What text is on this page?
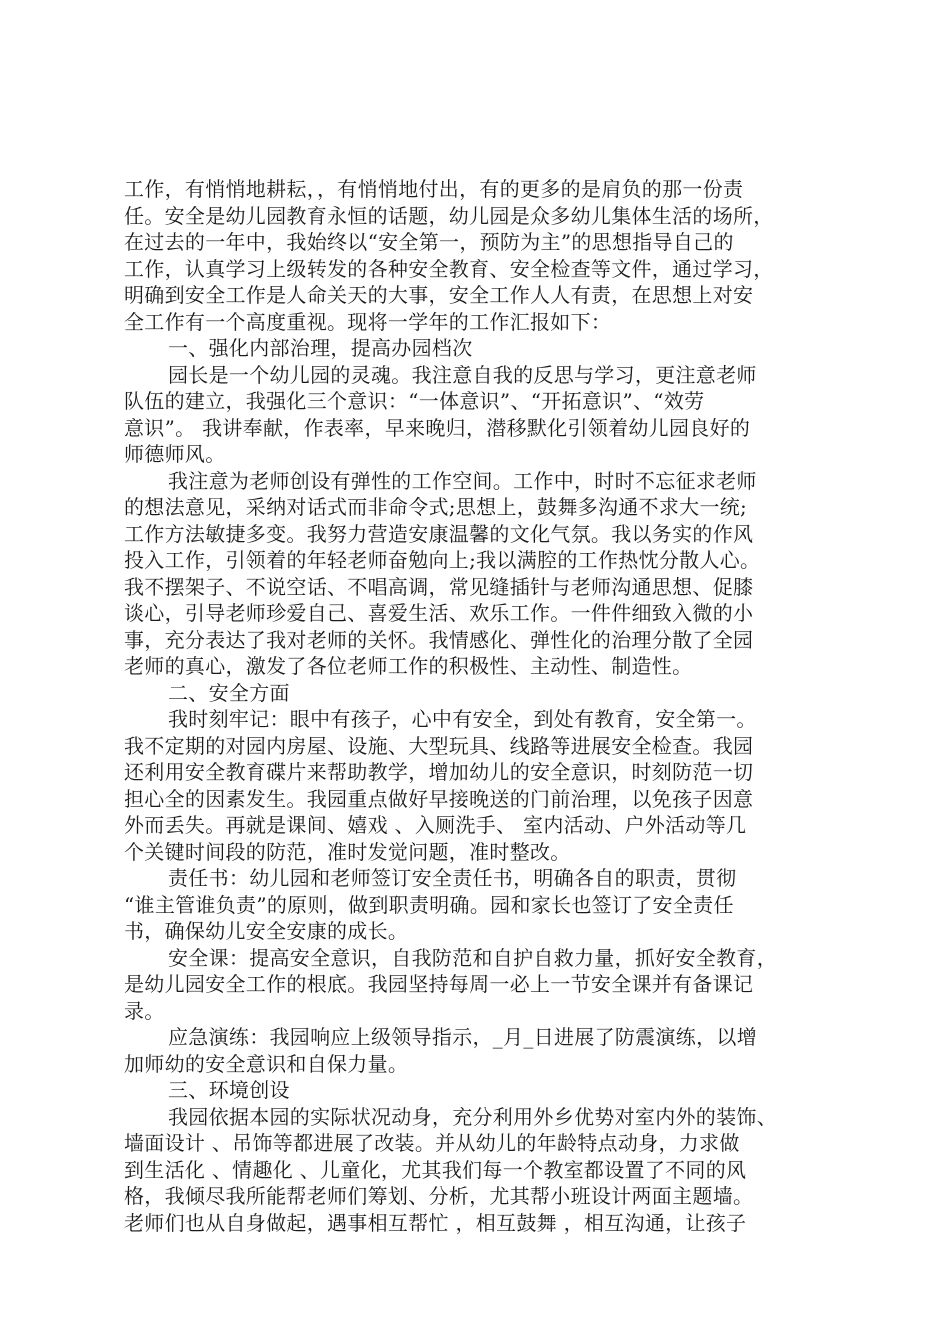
工作，有悄悄地耕耘，，有悄悄地付出，有的更多的是肩负的那一份责
任。安全是幼儿园教育永恒的话题，幼儿园是众多幼儿集体生活的场所，
在过去的一年中，我始终以“安全第一，预防为主”的思想指导自己的
工作，认真学习上级转发的各种安全教育、安全检查等文件，通过学习，
明确到安全工作是人命关天的大事，安全工作人人有责，在思想上对安
全工作有一个高度重视。现将一学年的工作汇报如下：
一、强化内部治理，提高办园档次
园长是一个幼儿园的灵魂。我注意自我的反思与学习，更注意老师
队伍的建立，我强化三个意识：“一体意识”、“开拓意识”、“效劳
意识”。 我讲奉献，作表率，早来晚归，潜移默化引领着幼儿园良好的
师德师风。
我注意为老师创设有弹性的工作空间。工作中，时时不忘征求老师
的想法意见，采纳对话式而非命令式;思想上，鼓舞多沟通不求大一统;
工作方法敏捷多变。我努力营造安康温馨的文化气氛。我以务实的作风
投入工作，引领着的年轻老师奋勉向上;我以满腔的工作热忱分散人心。
我不摆架子、不说空话、不唱高调，常见缝插针与老师沟通思想、促膝
谈心，引导老师珍爱自己、喜爱生活、欢乐工作。一件件细致入微的小
事，充分表达了我对老师的关怀。我情感化、弹性化的治理分散了全园
老师的真心，激发了各位老师工作的积极性、主动性、制造性。
二、安全方面
我时刻牢记：眼中有孩子，心中有安全，到处有教育，安全第一。
我不定期的对园内房屋、设施、大型玩具、线路等进展安全检查。我园
还利用安全教育碟片来帮助教学，增加幼儿的安全意识，时刻防范一切
担心全的因素发生。我园重点做好早接晚送的门前治理，以免孩子因意
外而丢失。再就是课间、嬉戏 、入厕洗手、 室内活动、户外活动等几
个关键时间段的防范，准时发觉问题，准时整改。
责任书：幼儿园和老师签订安全责任书，明确各自的职责，贯彻
“谁主管谁负责”的原则，做到职责明确。园和家长也签订了安全责任
书，确保幼儿安全安康的成长。
安全课：提高安全意识，自我防范和自护自救力量，抓好安全教育，
是幼儿园安全工作的根底。我园坚持每周一必上一节安全课并有备课记
录。
应急演练：我园响应上级领导指示，_月_日进展了防震演练，以增
加师幼的安全意识和自保力量。
三、环境创设
我园依据本园的实际状况动身，充分利用外乡优势对室内外的装饰、
墙面设计 、吊饰等都进展了改装。并从幼儿的年龄特点动身，力求做
到生活化 、情趣化 、儿童化，尤其我们每一个教室都设置了不同的风
格，我倾尽我所能帮老师们筹划、分析，尤其帮小班设计两面主题墙。
老师们也从自身做起，遇事相互帮忙 ，相互鼓舞 ，相互沟通，让孩子
